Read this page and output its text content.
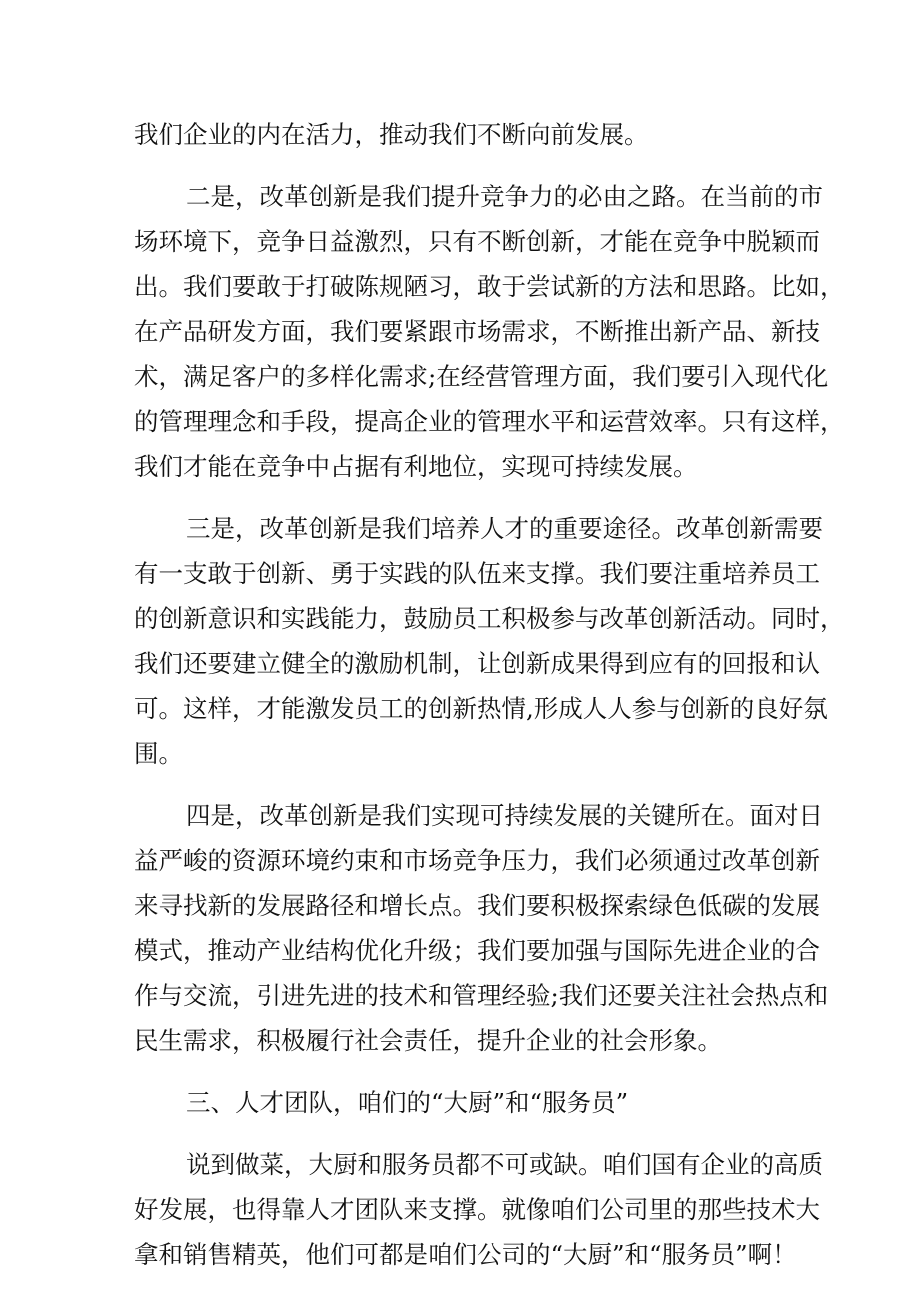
我们企业的内在活力，推动我们不断向前发展。
二是，改革创新是我们提升竞争力的必由之路。在当前的市
场环境下，竞争日益激烈，只有不断创新，才能在竞争中脱颖而
出。我们要敢于打破陈规陋习，敢于尝试新的方法和思路。比如，
在产品研发方面，我们要紧跟市场需求，不断推出新产品、新技
术，满足客户的多样化需求;在经营管理方面，我们要引入现代化
的管理理念和手段，提高企业的管理水平和运营效率。只有这样，
我们才能在竞争中占据有利地位，实现可持续发展。
三是，改革创新是我们培养人才的重要途径。改革创新需要
有一支敢于创新、勇于实践的队伍来支撑。我们要注重培养员工
的创新意识和实践能力，鼓励员工积极参与改革创新活动。同时，
我们还要建立健全的激励机制，让创新成果得到应有的回报和认
可。这样，才能激发员工的创新热情,形成人人参与创新的良好氛
围。
四是，改革创新是我们实现可持续发展的关键所在。面对日
益严峻的资源环境约束和市场竞争压力，我们必须通过改革创新
来寻找新的发展路径和增长点。我们要积极探索绿色低碳的发展
模式，推动产业结构优化升级；我们要加强与国际先进企业的合
作与交流，引进先进的技术和管理经验;我们还要关注社会热点和
民生需求，积极履行社会责任，提升企业的社会形象。
三、人才团队，咱们的“大厨”和“服务员”
说到做菜，大厨和服务员都不可或缺。咱们国有企业的高质
好发展，也得靠人才团队来支撑。就像咱们公司里的那些技术大
拿和销售精英，他们可都是咱们公司的“大厨”和“服务员”啊！
